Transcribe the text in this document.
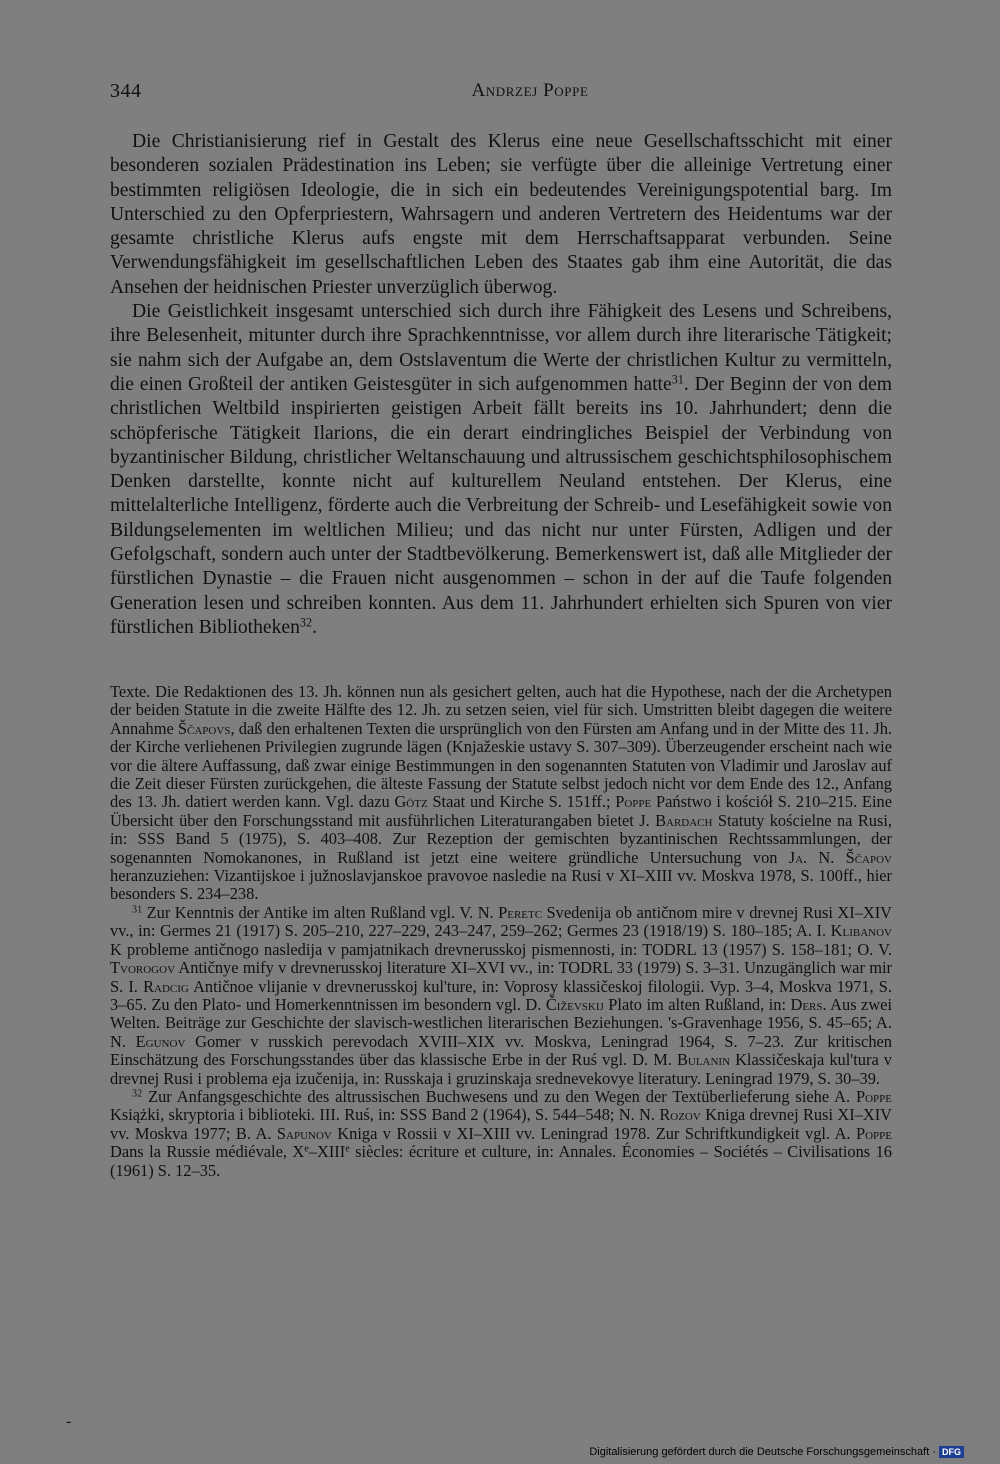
344	Andrzej Poppe

Die Christianisierung rief in Gestalt des Klerus eine neue Gesellschaftsschicht mit einer besonderen sozialen Prädestination ins Leben; sie verfügte über die alleinige Vertretung einer bestimmten religiösen Ideologie, die in sich ein bedeutendes Vereinigungspotential barg. Im Unterschied zu den Opferpriestern, Wahrsagern und anderen Vertretern des Heidentums war der gesamte christliche Klerus aufs engste mit dem Herrschaftsapparat verbunden. Seine Verwendungsfähigkeit im gesellschaftlichen Leben des Staates gab ihm eine Autorität, die das Ansehen der heidnischen Priester unverzüglich überwog.

Die Geistlichkeit insgesamt unterschied sich durch ihre Fähigkeit des Lesens und Schreibens, ihre Belesenheit, mitunter durch ihre Sprachkenntnisse, vor allem durch ihre literarische Tätigkeit; sie nahm sich der Aufgabe an, dem Ostslaventum die Werte der christlichen Kultur zu vermitteln, die einen Großteil der antiken Geistesgüter in sich aufgenommen hatte$^{31}$. Der Beginn der von dem christlichen Weltbild inspirierten geistigen Arbeit fällt bereits ins 10. Jahrhundert; denn die schöpferische Tätigkeit Ilarions, die ein derart eindringliches Beispiel der Verbindung von byzantinischer Bildung, christlicher Weltanschauung und altrussischem geschichtsphilosophischem Denken darstellte, konnte nicht auf kulturellem Neuland entstehen. Der Klerus, eine mittelalterliche Intelligenz, förderte auch die Verbreitung der Schreib- und Lesefähigkeit sowie von Bildungselementen im weltlichen Milieu; und das nicht nur unter Fürsten, Adligen und der Gefolgschaft, sondern auch unter der Stadtbevölkerung. Bemerkenswert ist, daß alle Mitglieder der fürstlichen Dynastie – die Frauen nicht ausgenommen – schon in der auf die Taufe folgenden Generation lesen und schreiben konnten. Aus dem 11. Jahrhundert erhielten sich Spuren von vier fürstlichen Bibliotheken$^{32}$.

Texte. Die Redaktionen des 13. Jh. können nun als gesichert gelten, auch hat die Hypothese, nach der die Archetypen der beiden Statute in die zweite Hälfte des 12. Jh. zu setzen seien, viel für sich. Umstritten bleibt dagegen die weitere Annahme Ščapovs, daß den erhaltenen Texten die ursprünglich von den Fürsten am Anfang und in der Mitte des 11. Jh. der Kirche verliehenen Privilegien zugrunde lägen (Knjažeskie ustavy S. 307–309). Überzeugender erscheint nach wie vor die ältere Auffassung, daß zwar einige Bestimmungen in den sogenannten Statuten von Vladimir und Jaroslav auf die Zeit dieser Fürsten zurückgehen, die älteste Fassung der Statute selbst jedoch nicht vor dem Ende des 12., Anfang des 13. Jh. datiert werden kann. Vgl. dazu Götz Staat und Kirche S. 151ff.; Poppe Państwo i kościół S. 210–215. Eine Übersicht über den Forschungsstand mit ausführlichen Literaturangaben bietet J. Bardach Statuty kościelne na Rusi, in: SSS Band 5 (1975), S. 403–408. Zur Rezeption der gemischten byzantinischen Rechtssammlungen, der sogenannten Nomokanones, in Rußland ist jetzt eine weitere gründliche Untersuchung von Ja. N. Ščapov heranzuziehen: Vizantijskoe i južnoslavjanskoe pravovoe nasledie na Rusi v XI–XIII vv. Moskva 1978, S. 100ff., hier besonders S. 234–238.

$^{31}$ Zur Kenntnis der Antike im alten Rußland vgl. V. N. Peretc Svedenija ob antičnom mire v drevnej Rusi XI–XIV vv., in: Germes 21 (1917) S. 205–210, 227–229, 243–247, 259–262; Germes 23 (1918/19) S. 180–185; A. I. Klibanov K probleme antičnogo nasledija v pamjatnikach drevnerusskoj pismennosti, in: TODRL 13 (1957) S. 158–181; O. V. Tvorogov Antičnye mify v drevnerusskoj literature XI–XVI vv., in: TODRL 33 (1979) S. 3–31. Unzugänglich war mir S. I. Radcig Antičnoe vlijanie v drevnerusskoj kul'ture, in: Voprosy klassičeskoj filologii. Vyp. 3–4, Moskva 1971, S. 3–65. Zu den Plato- und Homerkenntnissen im besondern vgl. D. Čiževskij Plato im alten Rußland, in: Ders. Aus zwei Welten. Beiträge zur Geschichte der slavisch-westlichen literarischen Beziehungen. 's-Gravenhage 1956, S. 45–65; A. N. Egunov Gomer v russkich perevodach XVIII–XIX vv. Moskva, Leningrad 1964, S. 7–23. Zur kritischen Einschätzung des Forschungsstandes über das klassische Erbe in der Ruś vgl. D. M. Bulanin Klassičeskaja kul'tura v drevnej Rusi i problema eja izučenija, in: Russkaja i gruzinskaja srednevekovye literatury. Leningrad 1979, S. 30–39.

$^{32}$ Zur Anfangsgeschichte des altrussischen Buchwesens und zu den Wegen der Textüberlieferung siehe A. Poppe Książki, skryptoria i biblioteki. III. Ruś, in: SSS Band 2 (1964), S. 544–548; N. N. Rozov Kniga drevnej Rusi XI–XIV vv. Moskva 1977; B. A. Sapunov Kniga v Rossii v XI–XIII vv. Leningrad 1978. Zur Schriftkundigkeit vgl. A. Poppe Dans la Russie médiévale, Xe–XIIIe siècles: écriture et culture, in: Annales. Économies – Sociétés – Civilisations 16 (1961) S. 12–35.

-
Digitalisierung gefördert durch die Deutsche Forschungsgemeinschaft · DFG
